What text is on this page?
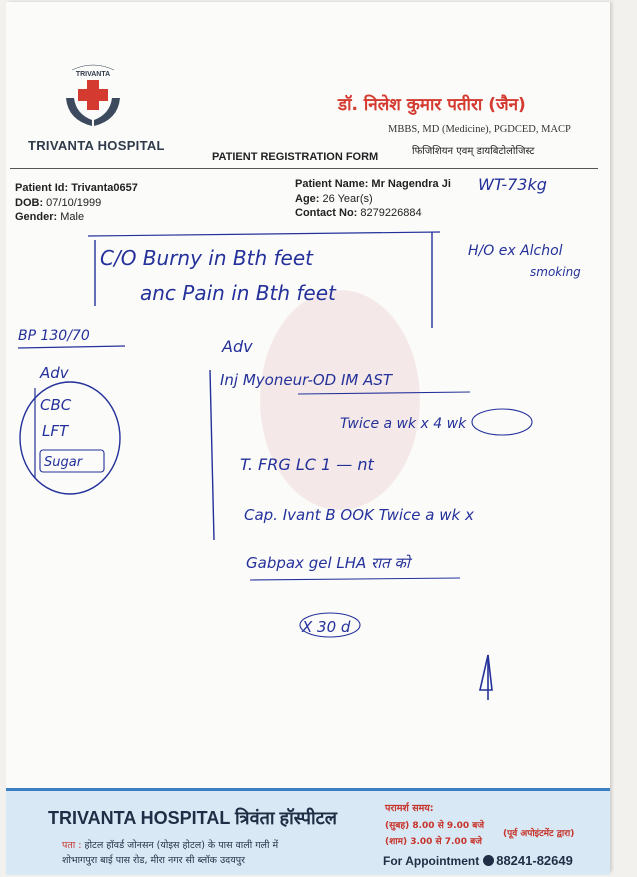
TRIVANTA
TRIVANTA HOSPITAL
डॉ. निलेश कुमार पतीरा (जैन)
MBBS, MD (Medicine), PGDCED, MACP
फिजिशियन एवम् डायबिटोलोजिस्ट
PATIENT REGISTRATION FORM
Patient Id: Trivanta0657
DOB: 07/10/1999
Gender: Male
Patient Name: Mr Nagendra Ji
Age: 26 Year(s)
Contact No: 8279226884
WT-73kg
C/O Burny in Bth feet
anc Pain in Bth feet
H/O ex Alchol
smoking
BP 130/70
Adv
CBC
LFT
Sugar
Adv
Inj Myoneur-OD IM AST
Twice a wk x 4 wk
T. FRG LC 1 — nt
Cap. Ivant B OOK Twice a wk x
Gabpax gel LHA रात को
X 30 d
TRIVANTA HOSPITAL त्रिवंता हॉस्पीटल
पता : होटल हॉवर्ड जोनसन (योइस होटल) के पास वाली गली में
शोभागपुरा बाई पास रोड, मीरा नगर सी ब्लॉक उदयपुर
परामर्श समय:
(सुबह) 8.00 से 9.00 बजे
(शाम) 3.00 से 7.00 बजे
(पूर्व अपोइंटमेंट द्वारा)
For Appointment 88241-82649
